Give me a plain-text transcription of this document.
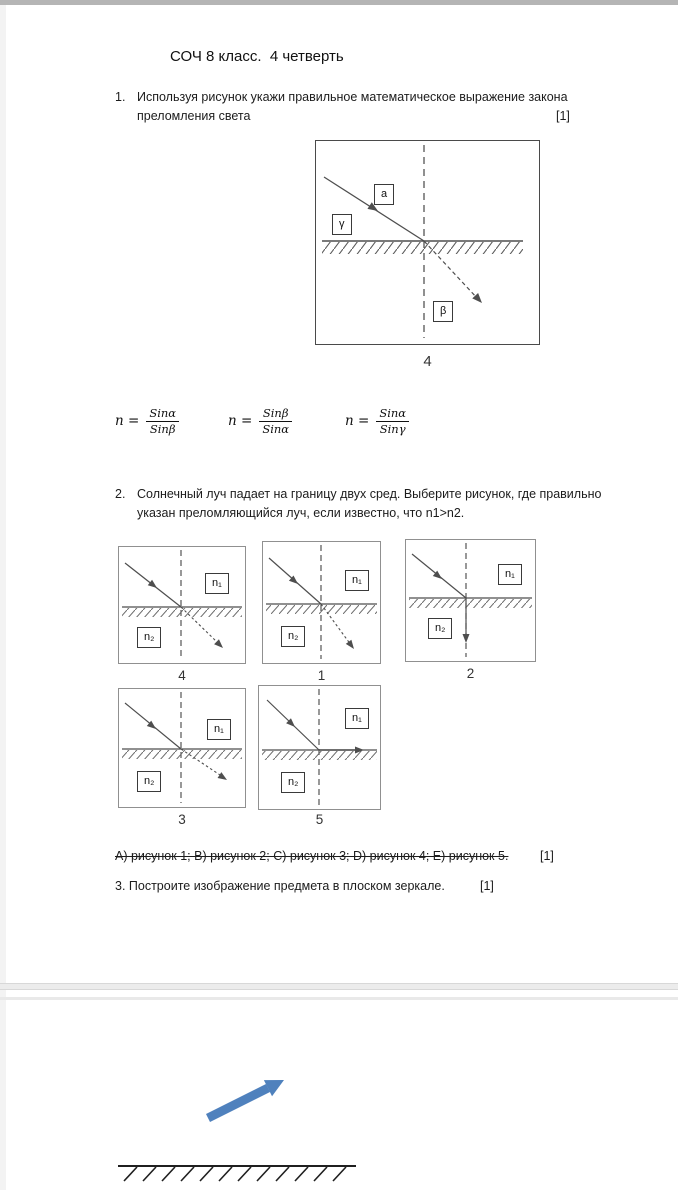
СОЧ 8 класс.  4 четверть
1. Используя рисунок укажи правильное математическое выражение закона преломления света	[1]
a
γ
β
4
$n = \frac{\text{Sinα}}{\text{Sinβ}}$	$n = \frac{\text{Sinβ}}{\text{Sinα}}$	$n = \frac{\text{Sinα}}{\text{Sinγ}}$
2. Солнечный луч падает на границу двух сред. Выберите рисунок, где правильно указан преломляющийся луч, если известно, что n1>n2.
n₁
n₂
4
n₁
n₂
1
n₁
n₂
2
n₁
n₂
3
n₁
n₂
5
А) рисунок 1; B) рисунок 2; C) рисунок 3; D) рисунок 4; E) рисунок 5.	[1]
3. Построите изображение предмета в плоском зеркале.	[1]
